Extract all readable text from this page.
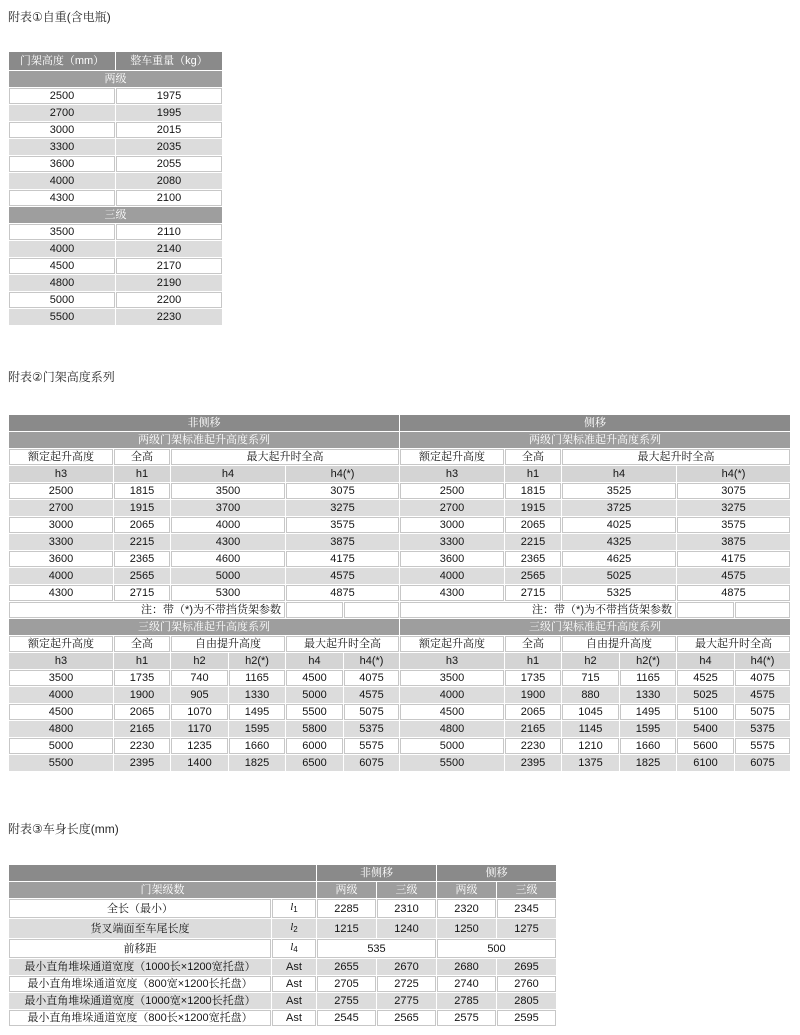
附表①自重(含电瓶)
门架高度（mm）	整车重量（kg）
两级	
2500	1975
2700	1995
3000	2015
3300	2035
3600	2055
4000	2080
4300	2100
三级	
3500	2110
4000	2140
4500	2170
4800	2190
5000	2200
5500	2230
附表②门架高度系列
非侧移						侧移					
两级门架标准起升高度系列						两级门架标准起升高度系列					
额定起升高度	全高	最大起升时全高				额定起升高度	全高	最大起升时全高			
h3	h1	h4		h4(*)		h3	h1	h4		h4(*)	
2500	1815	3500		3075		2500	1815	3525		3075	
2700	1915	3700		3275		2700	1915	3725		3275	
3000	2065	4000		3575		3000	2065	4025		3575	
3300	2215	4300		3875		3300	2215	4325		3875	
3600	2365	4600		4175		3600	2365	4625		4175	
4000	2565	5000		4575		4000	2565	5025		4575	
4300	2715	5300		4875		4300	2715	5325		4875	
注：带（*)为不带挡货架参数						注：带（*)为不带挡货架参数					
三级门架标准起升高度系列						三级门架标准起升高度系列					
额定起升高度	全高	自由提升高度		最大起升时全高		额定起升高度	全高	自由提升高度		最大起升时全高	
h3	h1	h2	h2(*)	h4	h4(*)	h3	h1	h2	h2(*)	h4	h4(*)
3500	1735	740	1165	4500	4075	3500	1735	715	1165	4525	4075
4000	1900	905	1330	5000	4575	4000	1900	880	1330	5025	4575
4500	2065	1070	1495	5500	5075	4500	2065	1045	1495	5100	5075
4800	2165	1170	1595	5800	5375	4800	2165	1145	1595	5400	5375
5000	2230	1235	1660	6000	5575	5000	2230	1210	1660	5600	5575
5500	2395	1400	1825	6500	6075	5500	2395	1375	1825	6100	6075
附表③车身长度(mm)
		非侧移		侧移	
门架级数		两级	三级	两级	三级
全长（最小）	l1	2285	2310	2320	2345
货叉端面至车尾长度	l2	1215	1240	1250	1275
前移距	l4	535		500	
最小直角堆垛通道宽度（1000长×1200宽托盘）	Ast	2655	2670	2680	2695
最小直角堆垛通道宽度（800宽×1200长托盘）	Ast	2705	2725	2740	2760
最小直角堆垛通道宽度（1000宽×1200长托盘）	Ast	2755	2775	2785	2805
最小直角堆垛通道宽度（800长×1200宽托盘）	Ast	2545	2565	2575	2595
